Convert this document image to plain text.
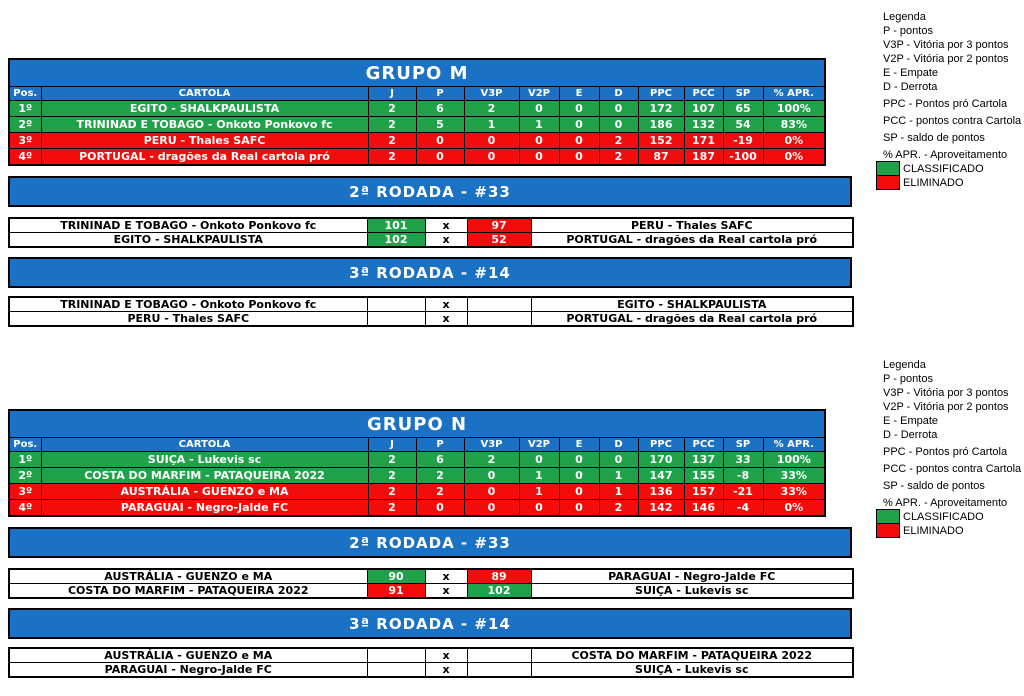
GRUPO M											
Pos.	CARTOLA	J	P	V3P	V2P	E	D	PPC	PCC	SP	% APR.
1º	EGITO - SHALKPAULISTA	2	6	2	0	0	0	172	107	65	100%
2º	TRININAD E TOBAGO - Onkoto Ponkovo fc	2	5	1	1	0	0	186	132	54	83%
3º	PERU - Thales SAFC	2	0	0	0	0	2	152	171	-19	0%
4º	PORTUGAL - dragões da Real cartola pró	2	0	0	0	0	2	87	187	-100	0%
2ª RODADA - #33
TRININAD E TOBAGO - Onkoto Ponkovo fc	101	x	97	PERU - Thales SAFC
EGITO - SHALKPAULISTA	102	x	52	PORTUGAL - dragões da Real cartola pró
3ª RODADA - #14
TRININAD E TOBAGO - Onkoto Ponkovo fc		x		EGITO - SHALKPAULISTA
PERU - Thales SAFC		x		PORTUGAL - dragões da Real cartola pró
GRUPO N											
Pos.	CARTOLA	J	P	V3P	V2P	E	D	PPC	PCC	SP	% APR.
1º	SUIÇA - Lukevis sc	2	6	2	0	0	0	170	137	33	100%
2º	COSTA DO MARFIM - PATAQUEIRA 2022	2	2	0	1	0	1	147	155	-8	33%
3º	AUSTRÁLIA - GUENZO e MA	2	2	0	1	0	1	136	157	-21	33%
4º	PARAGUAI - Negro-Jalde FC	2	0	0	0	0	2	142	146	-4	0%
2ª RODADA - #33
AUSTRÁLIA - GUENZO e MA	90	x	89	PARAGUAI - Negro-Jalde FC
COSTA DO MARFIM - PATAQUEIRA 2022	91	x	102	SUIÇA - Lukevis sc
3ª RODADA - #14
AUSTRÁLIA - GUENZO e MA		x		COSTA DO MARFIM - PATAQUEIRA 2022
PARAGUAI - Negro-Jalde FC		x		SUIÇA - Lukevis sc
Legenda
P - pontos
V3P - Vitória por 3 pontos
V2P - Vitória por 2 pontos
E - Empate
D - Derrota
PPC - Pontos pró Cartola
PCC - pontos contra Cartola
SP - saldo de pontos
% APR. - Aproveitamento
CLASSIFICADO
ELIMINADO
Legenda
P - pontos
V3P - Vitória por 3 pontos
V2P - Vitória por 2 pontos
E - Empate
D - Derrota
PPC - Pontos pró Cartola
PCC - pontos contra Cartola
SP - saldo de pontos
% APR. - Aproveitamento
CLASSIFICADO
ELIMINADO
